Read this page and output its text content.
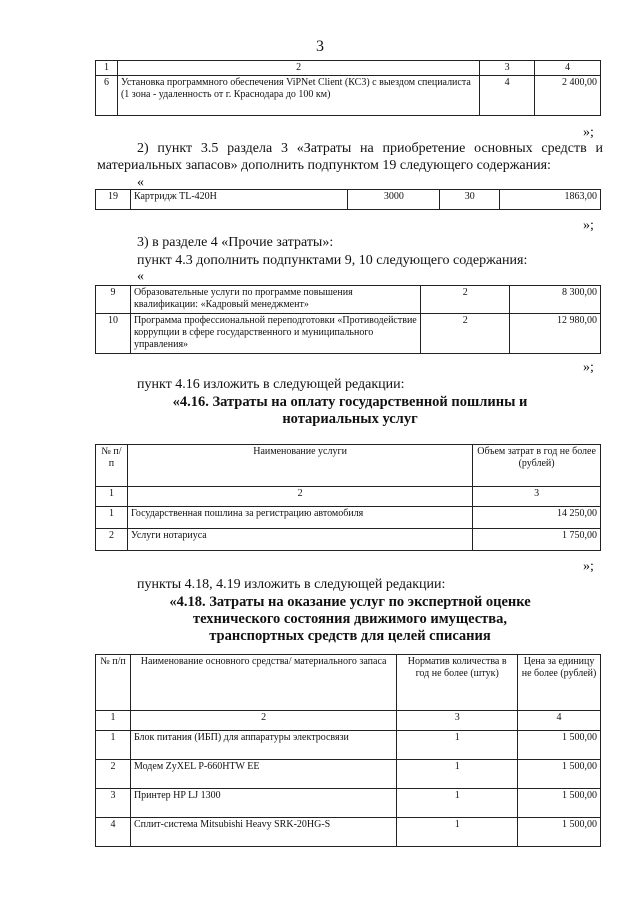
3
1	2	3	4
6	Установка программного обеспечения ViPNet Client (КС3) с выездом специалиста (1 зона - удаленность от г. Краснодара до 100 км)	4	2 400,00
»;
2) пункт 3.5 раздела 3 «Затраты на приобретение основных средств и материальных запасов» дополнить подпунктом 19 следующего содержания:
«
19	Картридж TL-420H	3000	30	1863,00
»;
3) в разделе 4 «Прочие затраты»:
пункт 4.3 дополнить подпунктами 9, 10 следующего содержания:
«
9	Образовательные услуги по программе повышения квалификации: «Кадровый менеджмент»	2	8 300,00
10	Программа профессиональной переподготовки «Противодействие коррупции в сфере государственного и муниципального управления»	2	12 980,00
»;
пункт 4.16 изложить в следующей редакции:
«4.16. Затраты на оплату государственной пошлины и нотариальных услуг
№ п/п	Наименование услуги	Объем затрат в год не более (рублей)
1	2	3
1	Государственная пошлина за регистрацию автомобиля	14 250,00
2	Услуги нотариуса	1 750,00
»;
пункты 4.18, 4.19 изложить в следующей редакции:
«4.18. Затраты на оказание услуг по экспертной оценке технического состояния движимого имущества, транспортных средств для целей списания
№ п/п	Наименование основного средства/ материального запаса	Норматив количества в год не более (штук)	Цена за единицу не более (рублей)
1	2	3	4
1	Блок питания (ИБП) для аппаратуры электросвязи	1	1 500,00
2	Модем ZyXEL P-660HTW EE	1	1 500,00
3	Принтер HP LJ 1300	1	1 500,00
4	Сплит-система Mitsubishi Heavy SRK-20HG-S	1	1 500,00
